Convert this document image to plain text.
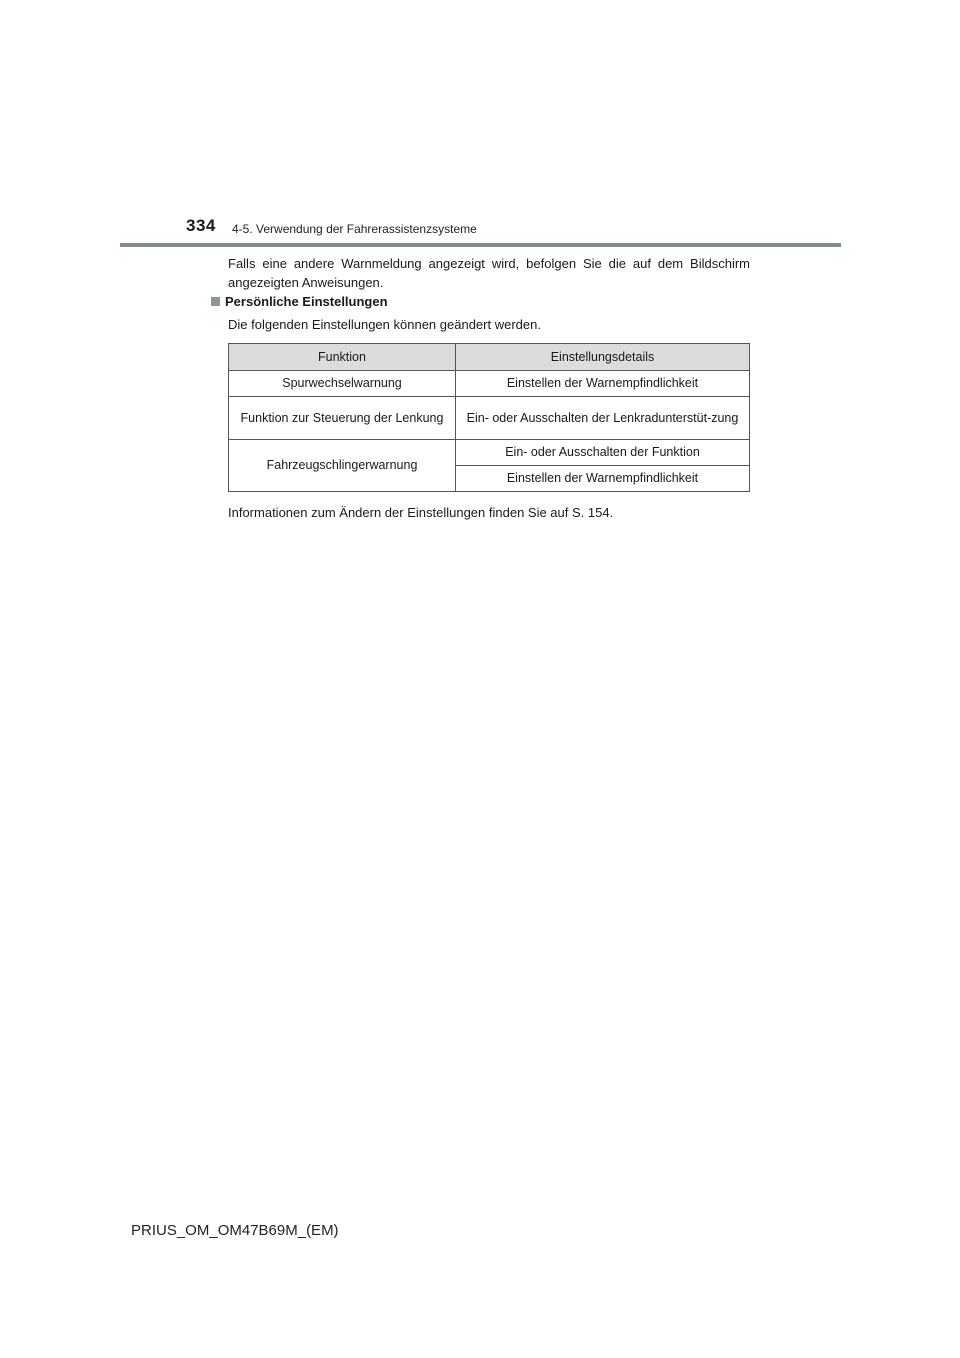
334 4-5. Verwendung der Fahrerassistenzsysteme
Falls eine andere Warnmeldung angezeigt wird, befolgen Sie die auf dem Bildschirm angezeigten Anweisungen.
Persönliche Einstellungen
Die folgenden Einstellungen können geändert werden.
Funktion	Einstellungsdetails
Spurwechselwarnung	Einstellen der Warnempfindlichkeit
Funktion zur Steuerung der Lenkung	Ein- oder Ausschalten der Lenkradunterstüt-zung
Fahrzeugschlingerwarnung	Ein- oder Ausschalten der Funktion
	Einstellen der Warnempfindlichkeit
Informationen zum Ändern der Einstellungen finden Sie auf S. 154.
PRIUS_OM_OM47B69M_(EM)
